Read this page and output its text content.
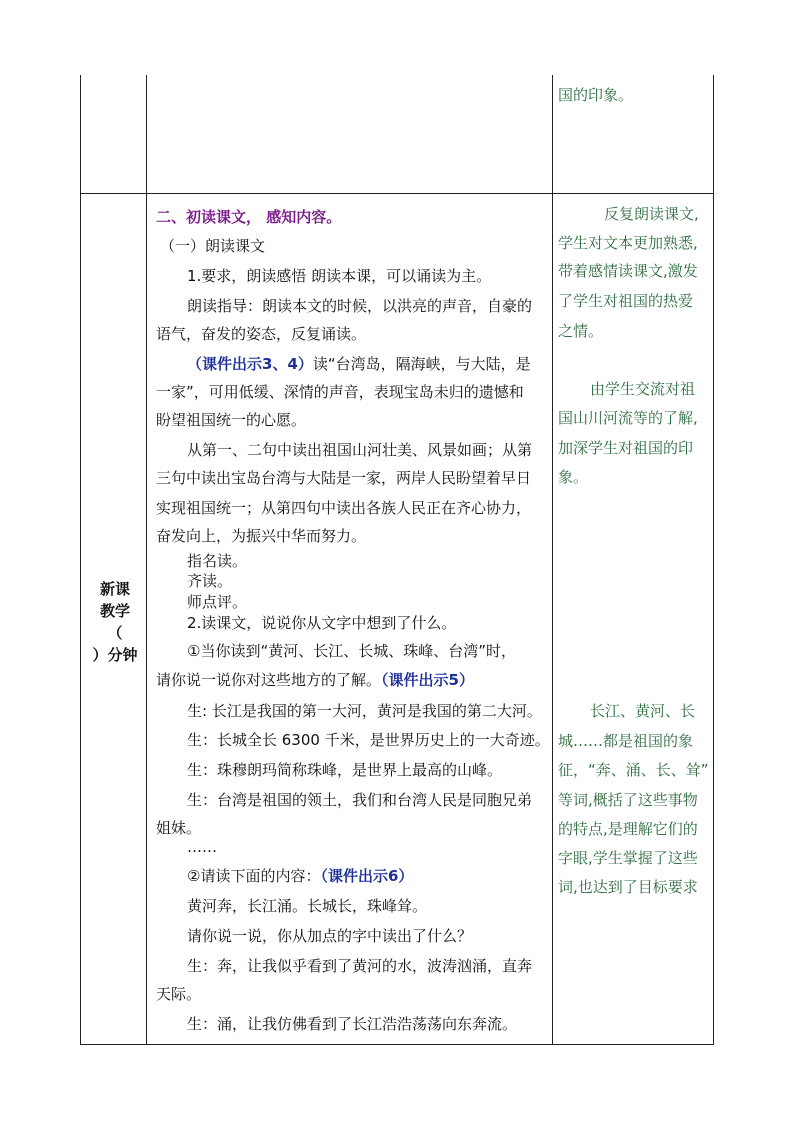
国的印象。
新课
教学
（
）分钟
二、初读课文， 感知内容。
（一）朗读课文
1.要求，朗读感悟 朗读本课，可以诵读为主。
朗读指导：朗读本文的时候，以洪亮的声音，自豪的
语气，奋发的姿态，反复诵读。
（课件出示3、4）读“台湾岛，隔海峡，与大陆，是
一家”，可用低缓、深情的声音，表现宝岛未归的遗憾和
盼望祖国统一的心愿。
从第一、二句中读出祖国山河壮美、风景如画；从第
三句中读出宝岛台湾与大陆是一家，两岸人民盼望着早日
实现祖国统一；从第四句中读出各族人民正在齐心协力，
奋发向上，为振兴中华而努力。
指名读。
齐读。
师点评。
2.读课文，说说你从文字中想到了什么。
①当你读到“黄河、长江、长城、珠峰、台湾”时，
请你说一说你对这些地方的了解。（课件出示5）
生: 长江是我国的第一大河，黄河是我国的第二大河。
生：长城全长 6300 千米，是世界历史上的一大奇迹。
生：珠穆朗玛简称珠峰，是世界上最高的山峰。
生：台湾是祖国的领土，我们和台湾人民是同胞兄弟
姐妹。
……
②请读下面的内容：（课件出示6）
黄河奔，长江涌。长城长，珠峰耸。
请你说一说，你从加点的字中读出了什么？
生：奔，让我似乎看到了黄河的水，波涛汹涌，直奔
天际。
生：涌，让我仿佛看到了长江浩浩荡荡向东奔流。
反复朗读课文,
学生对文本更加熟悉,
带着感情读课文,激发
了学生对祖国的热爱
之情。
由学生交流对祖
国山川河流等的了解,
加深学生对祖国的印
象。
长江、黄河、长
城……都是祖国的象
征，“奔、涌、长、耸”
等词,概括了这些事物
的特点,是理解它们的
字眼,学生掌握了这些
词,也达到了目标要求
